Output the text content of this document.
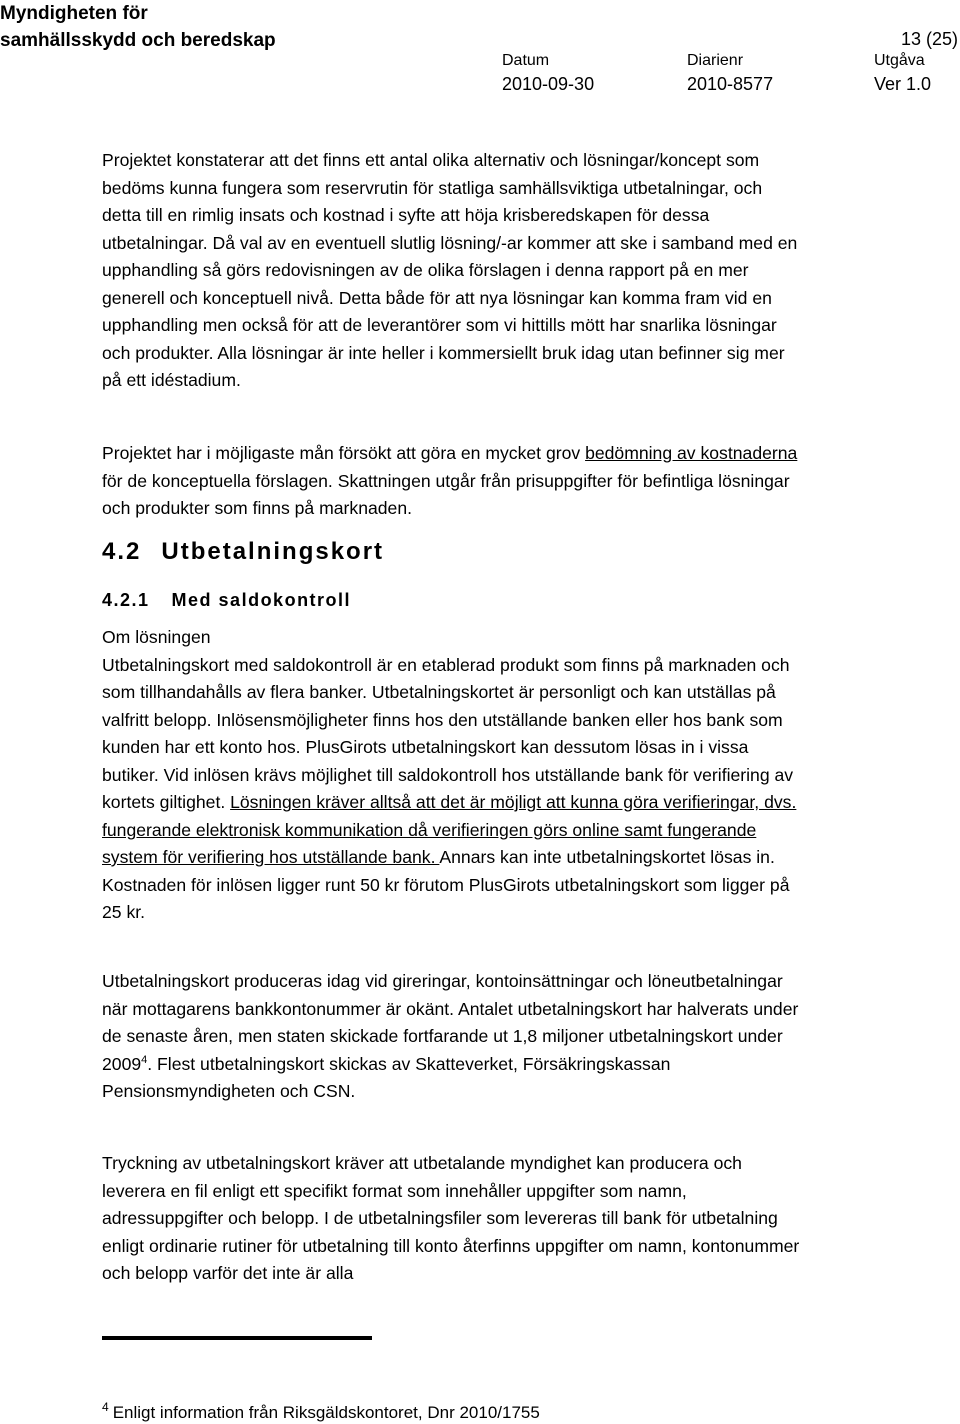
Myndigheten för
samhällsskydd och beredskap	13 (25)
Datum
2010-09-30
Diarienr
2010-8577
Utgåva
Ver 1.0

Projektet konstaterar att det finns ett antal olika alternativ och lösningar/koncept som bedöms kunna fungera som reservrutin för statliga samhällsviktiga utbetalningar, och detta till en rimlig insats och kostnad i syfte att höja krisberedskapen för dessa utbetalningar. Då val av en eventuell slutlig lösning/-ar kommer att ske i samband med en upphandling så görs redovisningen av de olika förslagen i denna rapport på en mer generell och konceptuell nivå. Detta både för att nya lösningar kan komma fram vid en upphandling men också för att de leverantörer som vi hittills mött har snarlika lösningar och produkter. Alla lösningar är inte heller i kommersiellt bruk idag utan befinner sig mer på ett idéstadium.

Projektet har i möjligaste mån försökt att göra en mycket grov bedömning av kostnaderna för de konceptuella förslagen. Skattningen utgår från prisuppgifter för befintliga lösningar och produkter som finns på marknaden.

4.2 Utbetalningskort
4.2.1 Med saldokontroll

Om lösningen

Utbetalningskort med saldokontroll är en etablerad produkt som finns på marknaden och som tillhandahålls av flera banker. Utbetalningskortet är personligt och kan utställas på valfritt belopp. Inlösensmöjligheter finns hos den utställande banken eller hos bank som kunden har ett konto hos. PlusGirots utbetalningskort kan dessutom lösas in i vissa butiker. Vid inlösen krävs möjlighet till saldokontroll hos utställande bank för verifiering av kortets giltighet. Lösningen kräver alltså att det är möjligt att kunna göra verifieringar, dvs. fungerande elektronisk kommunikation då verifieringen görs online samt fungerande system för verifiering hos utställande bank. Annars kan inte utbetalningskortet lösas in. Kostnaden för inlösen ligger runt 50 kr förutom PlusGirots utbetalningskort som ligger på 25 kr.

Utbetalningskort produceras idag vid gireringar, kontoinsättningar och löneutbetalningar när mottagarens bankkontonummer är okänt. Antalet utbetalningskort har halverats under de senaste åren, men staten skickade fortfarande ut 1,8 miljoner utbetalningskort under 2009$^4$. Flest utbetalningskort skickas av Skatteverket, Försäkringskassan Pensionsmyndigheten och CSN.

Tryckning av utbetalningskort kräver att utbetalande myndighet kan producera och leverera en fil enligt ett specifikt format som innehåller uppgifter som namn, adressuppgifter och belopp. I de utbetalningsfiler som levereras till bank för utbetalning enligt ordinarie rutiner för utbetalning till konto återfinns uppgifter om namn, kontonummer och belopp varför det inte är alla

$^4$ Enligt information från Riksgäldskontoret, Dnr 2010/1755
